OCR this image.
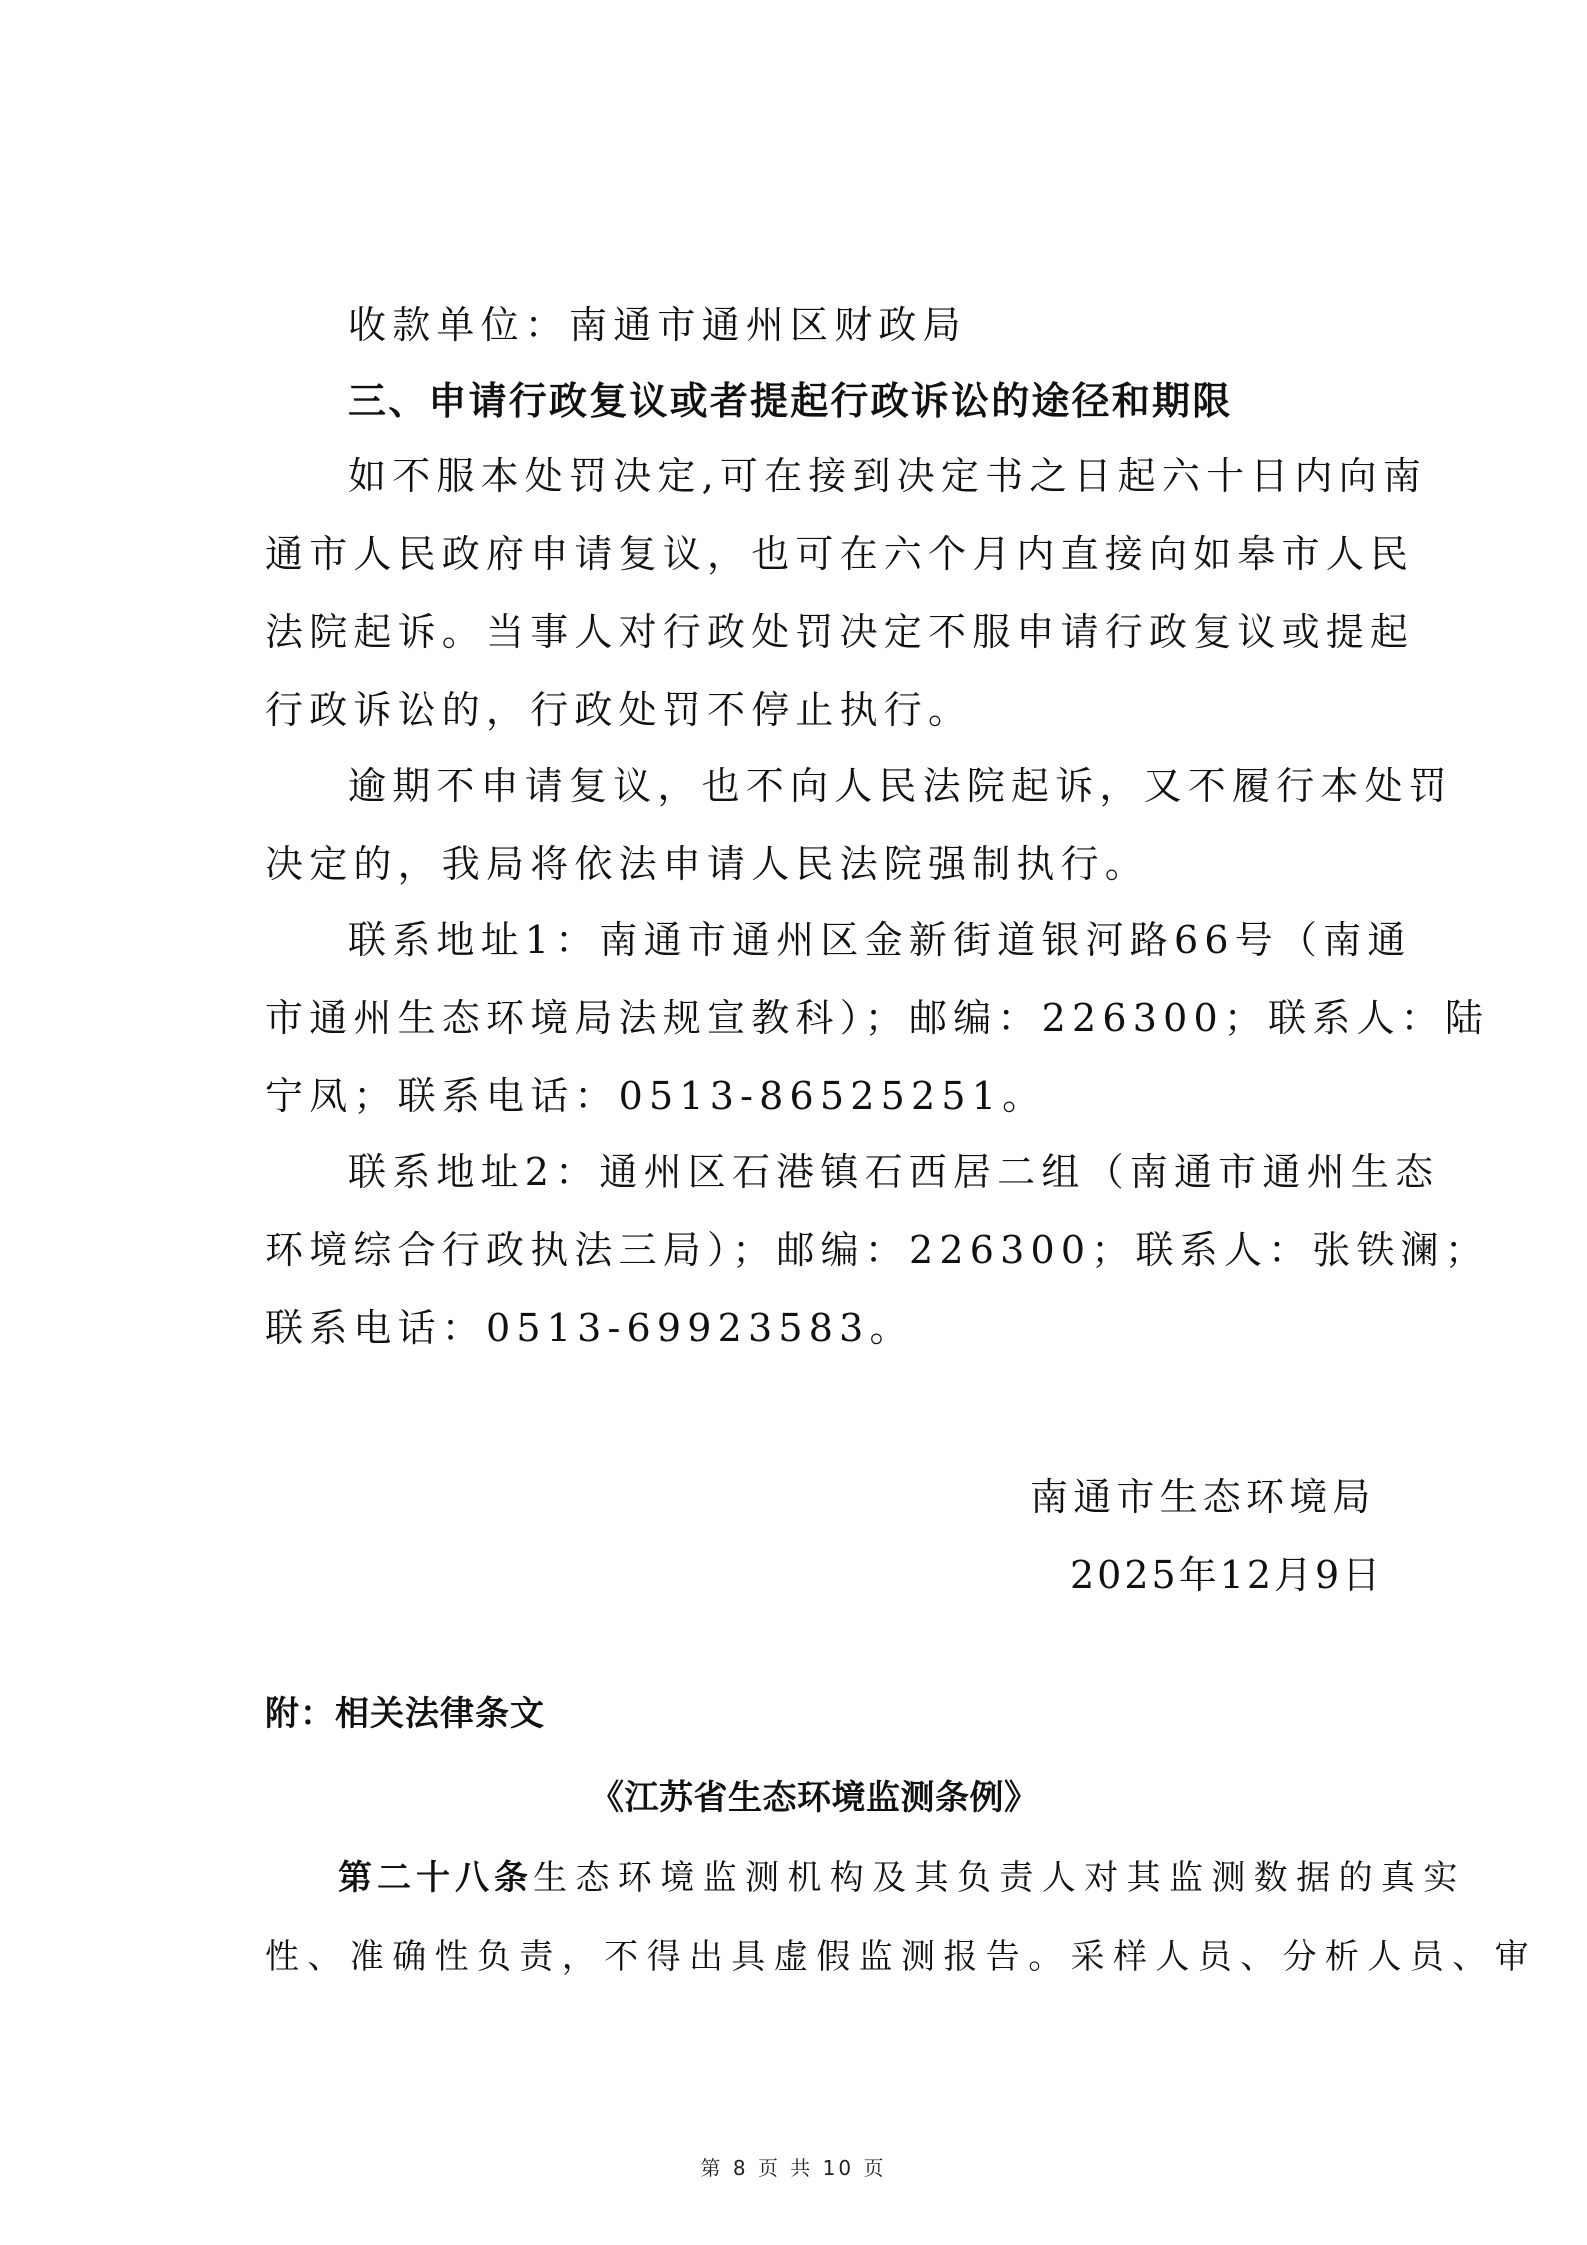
收款单位：南通市通州区财政局
三、申请行政复议或者提起行政诉讼的途径和期限
如不服本处罚决定,可在接到决定书之日起六十日内向南
通市人民政府申请复议，也可在六个月内直接向如皋市人民
法院起诉。当事人对行政处罚决定不服申请行政复议或提起
行政诉讼的，行政处罚不停止执行。
逾期不申请复议，也不向人民法院起诉，又不履行本处罚
决定的，我局将依法申请人民法院强制执行。
联系地址1：南通市通州区金新街道银河路66号（南通
市通州生态环境局法规宣教科）；邮编：226300；联系人：陆
宁凤；联系电话：0513-86525251。
联系地址2：通州区石港镇石西居二组（南通市通州生态
环境综合行政执法三局）；邮编：226300；联系人：张铁澜；
联系电话：0513-69923583。
南通市生态环境局
2025年12月9日
附：相关法律条文
《江苏省生态环境监测条例》
第二十八条生态环境监测机构及其负责人对其监测数据的真实
性、准确性负责，不得出具虚假监测报告。采样人员、分析人员、审
第 8 页 共 10 页
